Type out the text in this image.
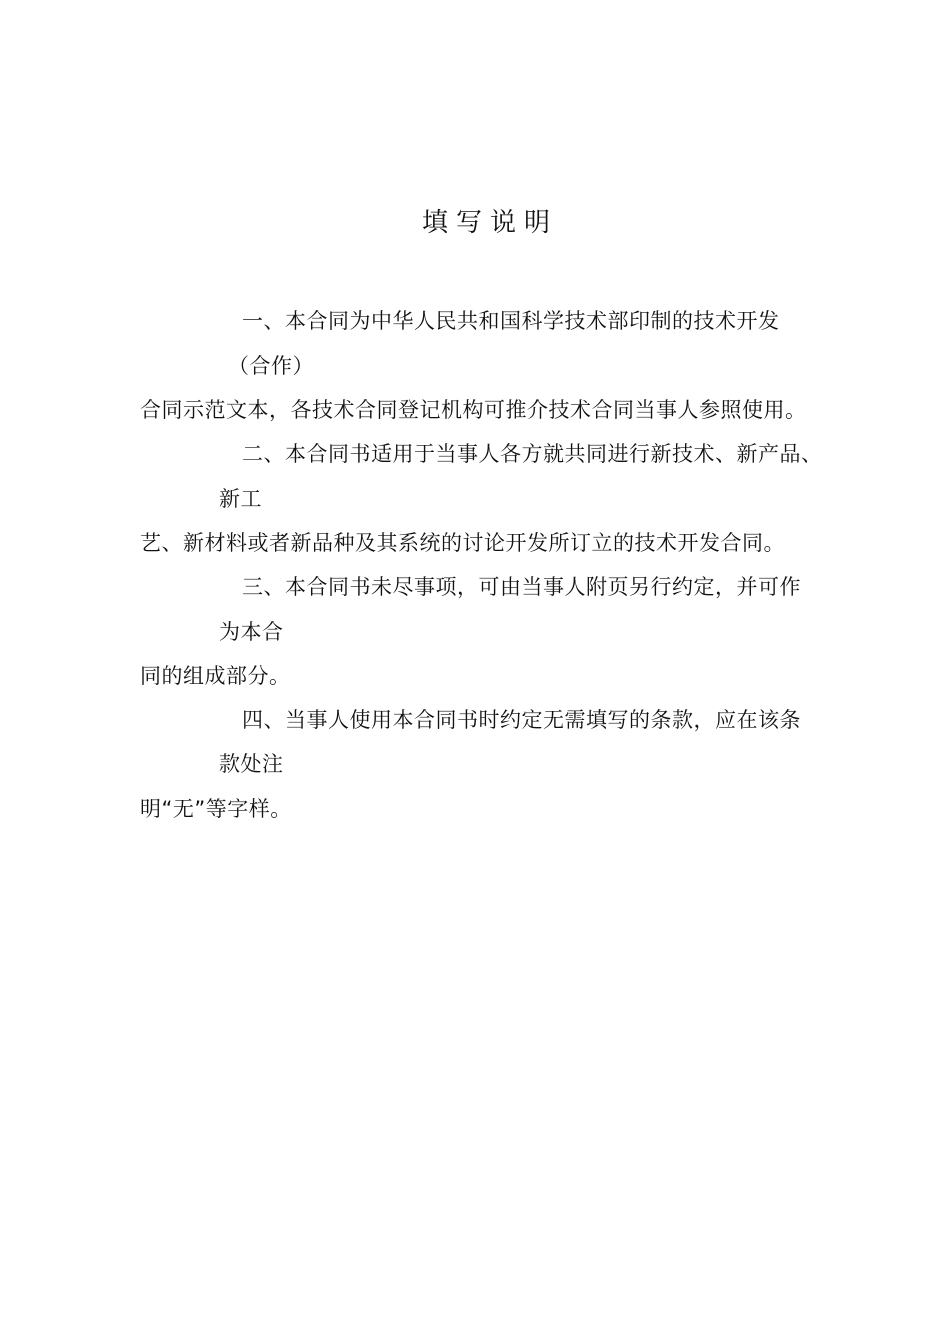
填写说明
一、本合同为中华人民共和国科学技术部印制的技术开发
（合作）
合同示范文本，各技术合同登记机构可推介技术合同当事人参照使用。
二、本合同书适用于当事人各方就共同进行新技术、新产品、
新工
艺、新材料或者新品种及其系统的讨论开发所订立的技术开发合同。
三、本合同书未尽事项，可由当事人附页另行约定，并可作
为本合
同的组成部分。
四、当事人使用本合同书时约定无需填写的条款，应在该条
款处注
明“无”等字样。
